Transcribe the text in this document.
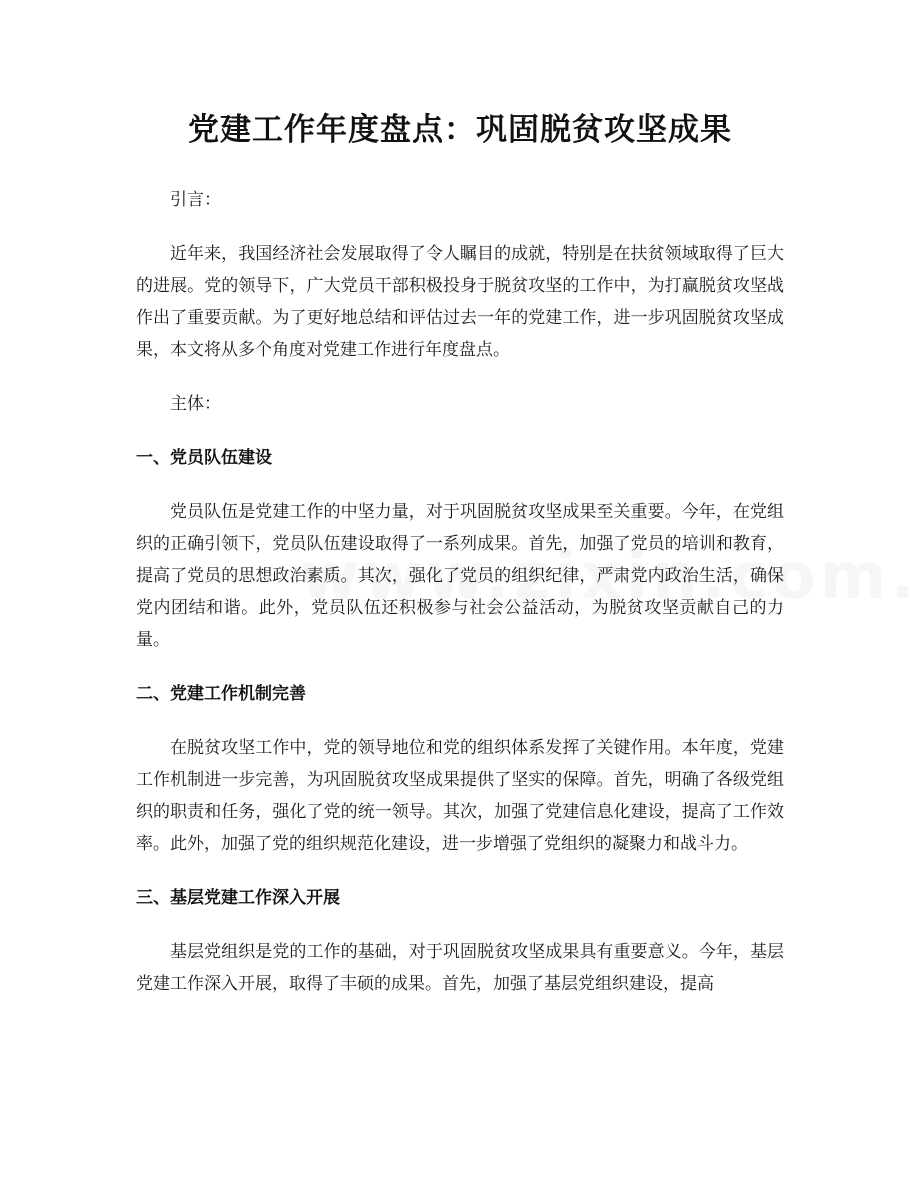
党建工作年度盘点：巩固脱贫攻坚成果

引言：

近年来，我国经济社会发展取得了令人瞩目的成就，特别是在扶贫领域取得了巨大的进展。党的领导下，广大党员干部积极投身于脱贫攻坚的工作中，为打赢脱贫攻坚战作出了重要贡献。为了更好地总结和评估过去一年的党建工作，进一步巩固脱贫攻坚成果，本文将从多个角度对党建工作进行年度盘点。

主体：

一、党员队伍建设

党员队伍是党建工作的中坚力量，对于巩固脱贫攻坚成果至关重要。今年，在党组织的正确引领下，党员队伍建设取得了一系列成果。首先，加强了党员的培训和教育，提高了党员的思想政治素质。其次，强化了党员的组织纪律，严肃党内政治生活，确保党内团结和谐。此外，党员队伍还积极参与社会公益活动，为脱贫攻坚贡献自己的力量。

二、党建工作机制完善

在脱贫攻坚工作中，党的领导地位和党的组织体系发挥了关键作用。本年度，党建工作机制进一步完善，为巩固脱贫攻坚成果提供了坚实的保障。首先，明确了各级党组织的职责和任务，强化了党的统一领导。其次，加强了党建信息化建设，提高了工作效率。此外，加强了党的组织规范化建设，进一步增强了党组织的凝聚力和战斗力。

三、基层党建工作深入开展

基层党组织是党的工作的基础，对于巩固脱贫攻坚成果具有重要意义。今年，基层党建工作深入开展，取得了丰硕的成果。首先，加强了基层党组织建设，提高
